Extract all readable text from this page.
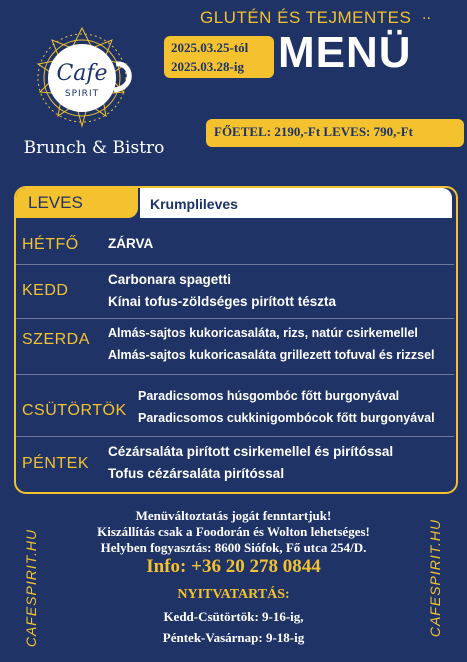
Cafe
SPIRIT
Brunch & Bistro
GLUTÉN ÉS TEJMENTES ..
2025.03.25-tól
2025.03.28-ig MENÜ
FŐETEL: 2190,-Ft LEVES: 790,-Ft
LEVES	Krumplileves
HÉTFŐ ZÁRVA
KEDD
Carbonara spagetti
Kínai tofus-zöldséges pirított tészta
SZERDA Almás-sajtos kukoricasaláta, rizs, natúr csirkemellel
Almás-sajtos kukoricasaláta grillezett tofuval és rizzsel
CSÜTÖRTÖK
Paradicsomos húsgombóc főtt burgonyával
Paradicsomos cukkinigombócok főtt burgonyával
PÉNTEK
Cézársaláta pirított csirkemellel és pirítóssal
Tofus cézársaláta pirítóssal
Menüváltoztatás jogát fenntartjuk!
Kiszállítás csak a Foodorán és Wolton lehetséges!
Helyben fogyasztás: 8600 Siófok, Fő utca 254/D.
Info: +36 20 278 0844
NYITVATARTÁS:
Kedd-Csütörtök: 9-16-ig,
Péntek-Vasárnap: 9-18-ig
CAFESPIRIT.HU	CAFESPIRIT.HU
